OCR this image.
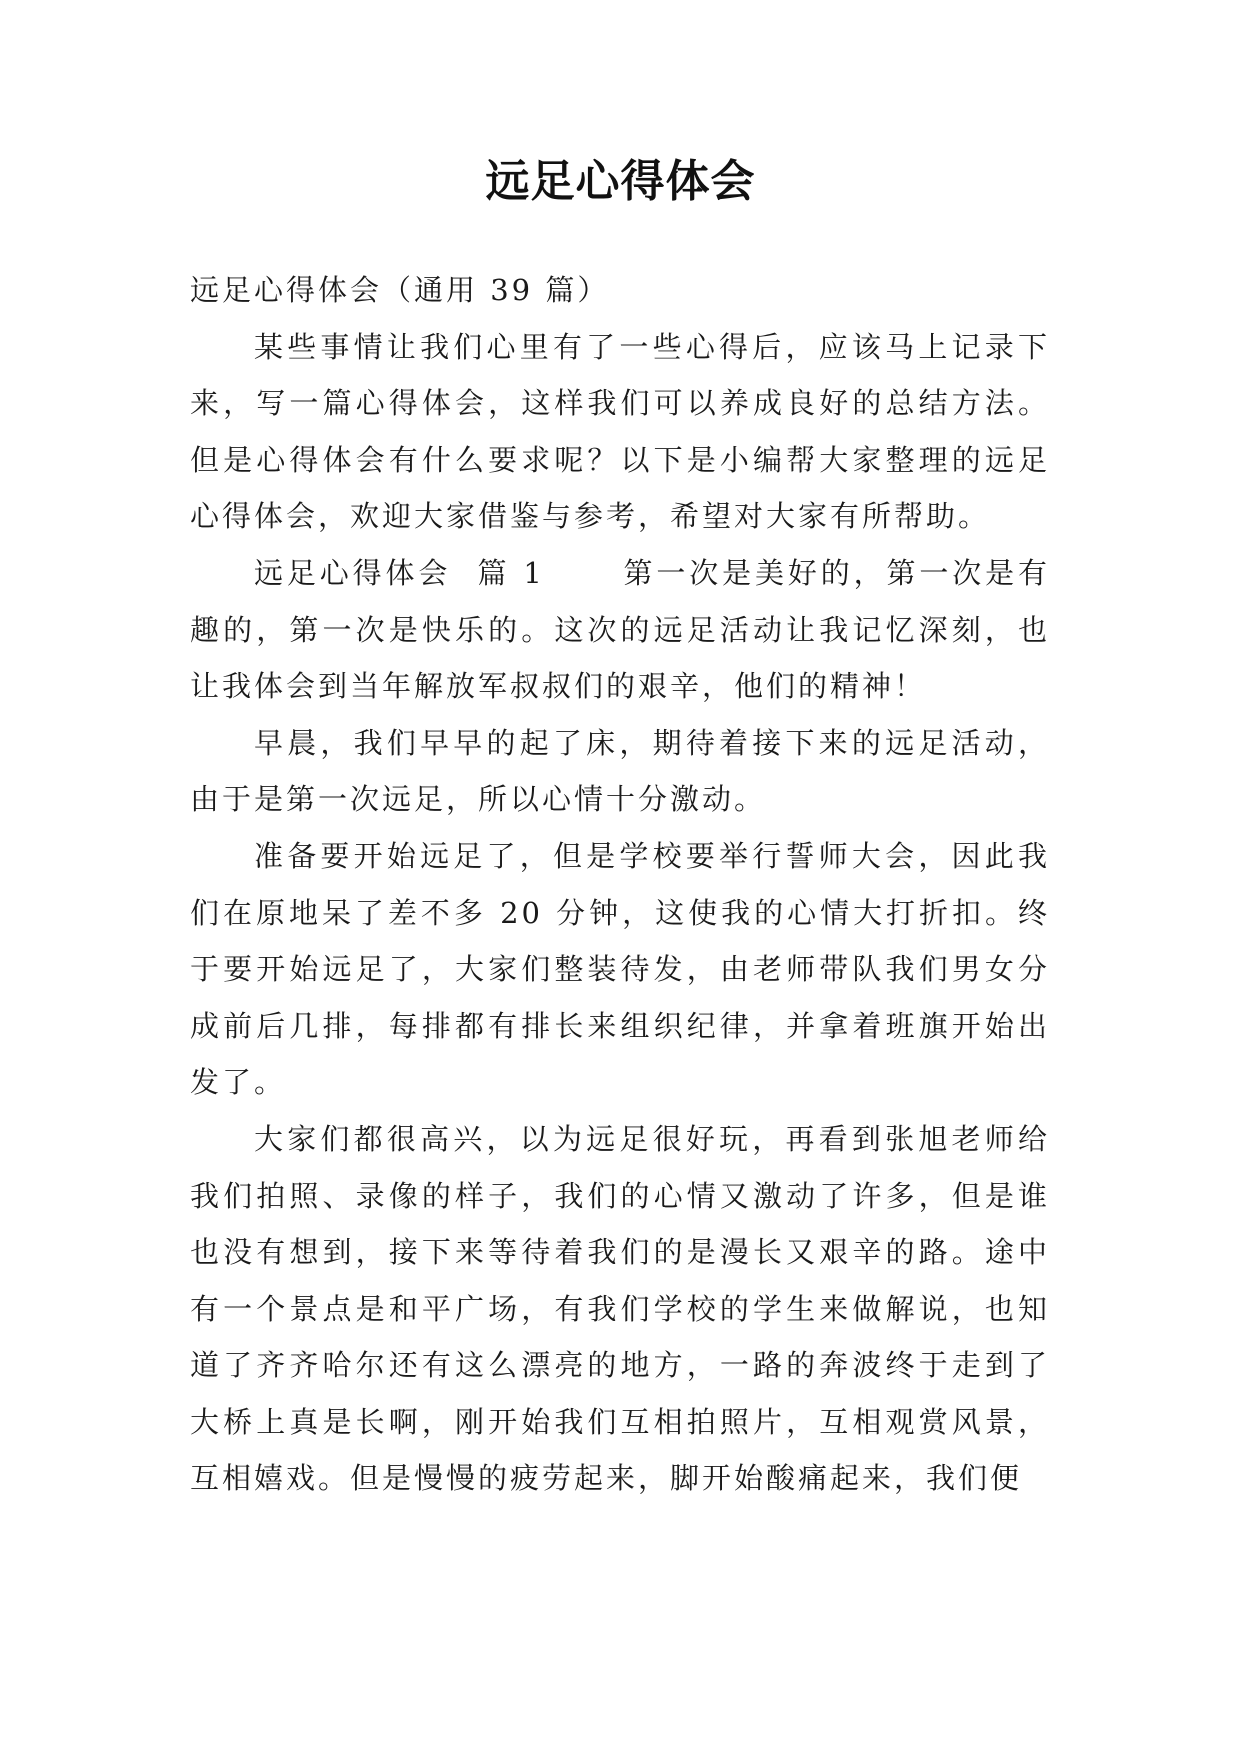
远足心得体会

远足心得体会（通用 39 篇）

某些事情让我们心里有了一些心得后，应该马上记录下来，写一篇心得体会，这样我们可以养成良好的总结方法。但是心得体会有什么要求呢？以下是小编帮大家整理的远足心得体会，欢迎大家借鉴与参考，希望对大家有所帮助。

远足心得体会  篇 1      第一次是美好的，第一次是有趣的，第一次是快乐的。这次的远足活动让我记忆深刻，也让我体会到当年解放军叔叔们的艰辛，他们的精神！

早晨，我们早早的起了床，期待着接下来的远足活动，由于是第一次远足，所以心情十分激动。

准备要开始远足了，但是学校要举行誓师大会，因此我们在原地呆了差不多 20 分钟，这使我的心情大打折扣。终于要开始远足了，大家们整装待发，由老师带队我们男女分成前后几排，每排都有排长来组织纪律，并拿着班旗开始出发了。

大家们都很高兴，以为远足很好玩，再看到张旭老师给我们拍照、录像的样子，我们的心情又激动了许多，但是谁也没有想到，接下来等待着我们的是漫长又艰辛的路。途中有一个景点是和平广场，有我们学校的学生来做解说，也知道了齐齐哈尔还有这么漂亮的地方，一路的奔波终于走到了大桥上真是长啊，刚开始我们互相拍照片，互相观赏风景，互相嬉戏。但是慢慢的疲劳起来，脚开始酸痛起来，我们便
